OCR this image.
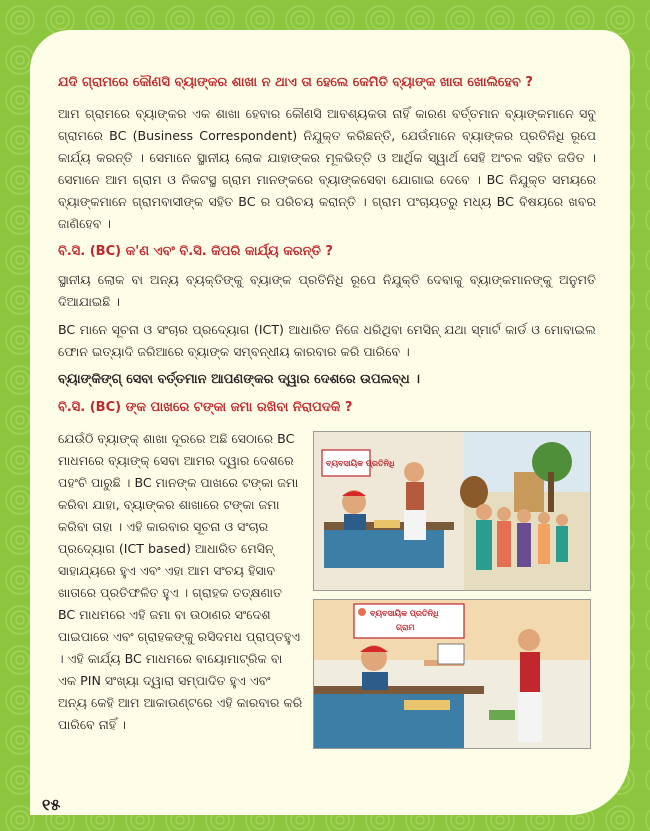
ଯଦି ଗ୍ରାମରେ କୌଣସି ବ୍ୟାଙ୍କର ଶାଖା ନ ଥାଏ ତା ହେଲେ କେମିତି ବ୍ୟାଙ୍କ ଖାତା ଖୋଲିହେବ ?

ଆମ ଗ୍ରାମରେ ବ୍ୟାଙ୍କର ଏକ ଶାଖା ହେବାର କୌଣସି ଆବଶ୍ୟକତା ନାହିଁ କାରଣ ବର୍ତ୍ତମାନ ବ୍ୟାଙ୍କମାନେ ସବୁ ଗ୍ରାମରେ BC (Business Correspondent) ନିଯୁକ୍ତ କରିଛନ୍ତି, ଯେଉଁମାନେ ବ୍ୟାଙ୍କର ପ୍ରତିନିଧି ରୂପେ କାର୍ଯ୍ୟ କରନ୍ତି । ସେମାନେ ସ୍ଥାନୀୟ ଲୋକ ଯାହାଙ୍କର ମୂଳଭିତ୍ତି ଓ ଆର୍ଥିକ ସ୍ୱାର୍ଥ ସେହି ଅଂଚଳ ସହିତ ଜଡିତ । ସେମାନେ ଆମ ଗ୍ରାମ ଓ ନିକଟସ୍ଥ ଗ୍ରାମ ମାନଙ୍କରେ ବ୍ୟାଙ୍କସେବା ଯୋଗାଇ ଦେବେ । BC ନିଯୁକ୍ତ ସମୟରେ ବ୍ୟାଙ୍କମାନେ ଗ୍ରାମବାସୀଙ୍କ ସହିତ BC ର ପରିଚୟ କରାନ୍ତି । ଗ୍ରାମ ପଂଚାୟତରୁ ମଧ୍ୟ BC ବିଷୟରେ ଖବର ଜାଣିହେବ ।

ବି.ସି. (BC) କ'ଣ ଏବଂ ବି.ସି. କିପରି କାର୍ଯ୍ୟ କରନ୍ତି ?

ସ୍ଥାନୀୟ ଲୋକ ବା ଅନ୍ୟ ବ୍ୟକ୍ତିଙ୍କୁ ବ୍ୟାଙ୍କ ପ୍ରତିନିଧି ରୂପେ ନିଯୁକ୍ତି ଦେବାକୁ ବ୍ୟାଙ୍କମାନଙ୍କୁ ଅନୁମତି ଦିଆଯାଇଛି ।

BC ମାନେ ସୂଚନା ଓ ସଂଚାର ପ୍ରଦ୍ୟୋଗ (ICT) ଆଧାରିତ ନିଜେ ଧରିଥିବା ମେସିନ୍ ଯଥା ସ୍ମାର୍ଟ କାର୍ଡ ଓ ମୋବାଇଲ ଫୋନ ଇତ୍ୟାଦି ଜରିଆରେ ବ୍ୟାଙ୍କ ସମ୍ବନ୍ଧୀୟ କାରବାର କରି ପାରିବେ ।

ବ୍ୟାଙ୍କିଙ୍ଗ୍ ସେବା ବର୍ତ୍ତମାନ ଆପଣଙ୍କର ଦ୍ୱାର ଦେଶରେ ଉପଲବ୍ଧ ।

ବି.ସି. (BC) ଙ୍କ ପାଖରେ ଟଙ୍କା ଜମା ରଖିବା ନିରାପଦକି ?

ଯେଉଁଠି ବ୍ୟାଙ୍କ୍ ଶାଖା ଦୂରରେ ଅଛି ସେଠାରେ BC ମାଧମରେ ବ୍ୟାଙ୍କ୍ ସେବା ଆମର ଦ୍ୱାର ଦେଶରେ ପହଂଚି ପାରୁଛି । BC ମାନଙ୍କ ପାଖରେ ଟଙ୍କା ଜମା କରିବା ଯାହା, ବ୍ୟାଙ୍କର ଶାଖାରେ ଟଙ୍କା ଜମା କରିବା ତାହା । ଏହି କାରବାର ସୂଚନା ଓ ସଂଚାର ପ୍ରଦ୍ୟୋଗ (ICT based) ଆଧାରିତ ମେସିନ୍ ସାହାଯ୍ୟରେ ହୁଏ ଏବଂ ଏହା ଆମ ସଂଚୟ ହିସାବ ଖାତାରେ ପ୍ରତିଫଳିତ ହୁଏ । ଗ୍ରାହକ ତତ୍କ୍ଷଣାତ BC ମାଧମରେ ଏହି ଜମା ବା ଉଠାଣର ସଂଦେଶ ପାଇପାରେ ଏବଂ ଗ୍ରାହକଙ୍କୁ ରସିଦମଧ ପ୍ରାପ୍ତହୁଏ । ଏହି କାର୍ଯ୍ୟ BC ମାଧମରେ ବାୟୋମାଟ୍ରିକ ବା ଏକ PIN ସଂଖ୍ୟା ଦ୍ୱାରା ସମ୍ପାଦିତ ହୁଏ ଏବଂ ଅନ୍ୟ କେହି ଆମ ଆକାଉଣ୍ଟରେ ଏହି କାରବାର କରି ପାରିବେ ନାହିଁ ।

ବ୍ୟବସାୟିକ ପ୍ରତିନିଧି
ବ୍ୟବସାୟିକ ପ୍ରତିନିଧି
ଗ୍ରାମ
୧୫
